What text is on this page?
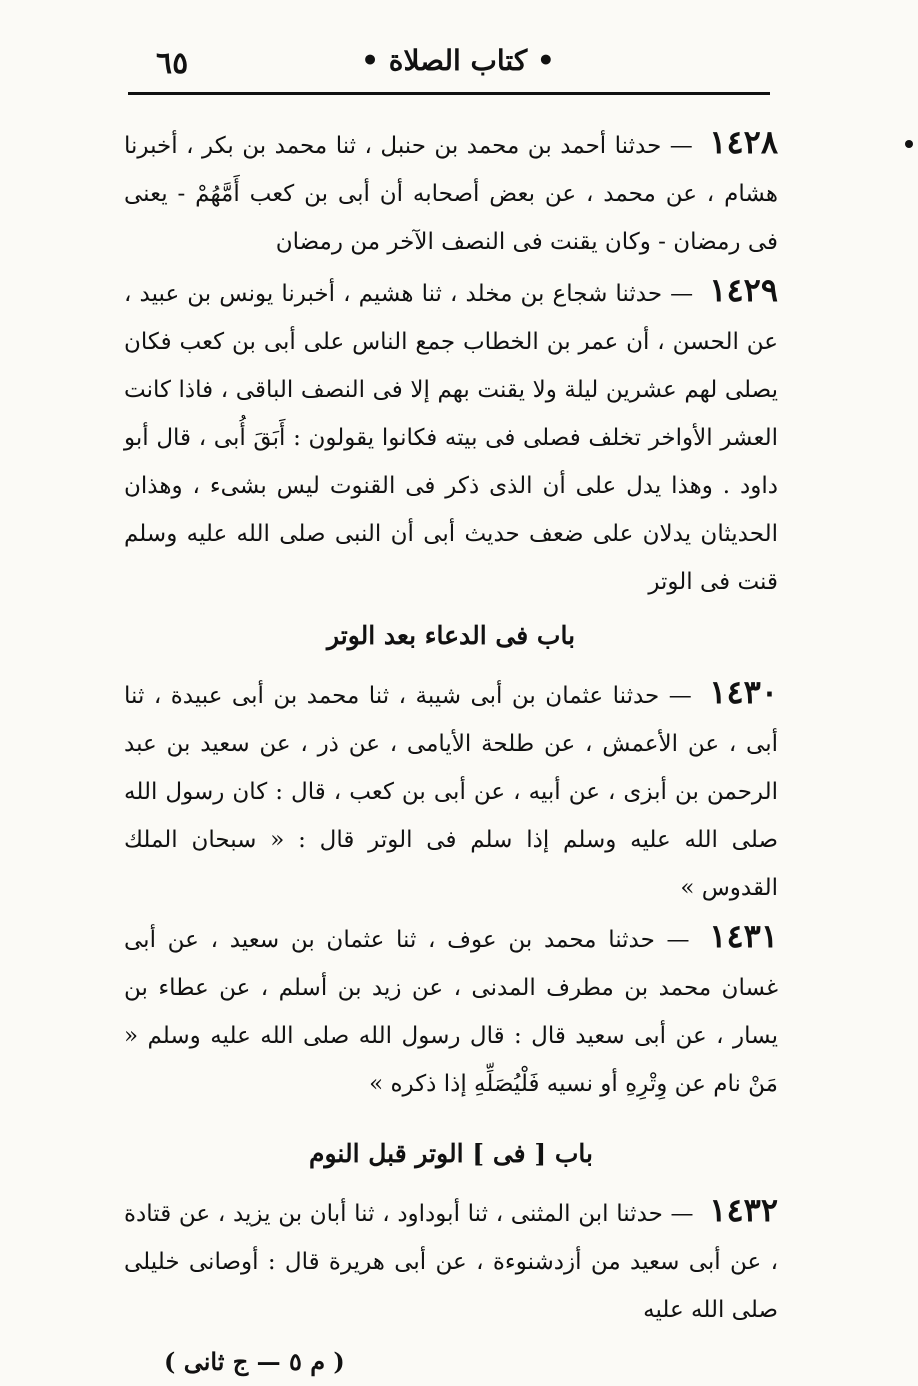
٦٥	• كتاب الصلاة •

١٤٢٨ — حدثنا أحمد بن محمد بن حنبل ، ثنا محمد بن بكر ، أخبرنا هشام ، عن محمد ، عن بعض أصحابه أن أبى بن كعب أَمَّهُمْ - يعنى فى رمضان - وكان يقنت فى النصف الآخر من رمضان

١٤٢٩ — حدثنا شجاع بن مخلد ، ثنا هشيم ، أخبرنا يونس بن عبيد ، عن الحسن ، أن عمر بن الخطاب جمع الناس على أبى بن كعب فكان يصلى لهم عشرين ليلة ولا يقنت بهم إلا فى النصف الباقى ، فاذا كانت العشر الأواخر تخلف فصلى فى بيته فكانوا يقولون : أَبَقَ أُبى ، قال أبو داود . وهذا يدل على أن الذى ذكر فى القنوت ليس بشىء ، وهذان الحديثان يدلان على ضعف حديث أبى أن النبى صلى الله عليه وسلم قنت فى الوتر

باب فى الدعاء بعد الوتر

١٤٣٠ — حدثنا عثمان بن أبى شيبة ، ثنا محمد بن أبى عبيدة ، ثنا أبى ، عن الأعمش ، عن طلحة الأيامى ، عن ذر ، عن سعيد بن عبد الرحمن بن أبزى ، عن أبيه ، عن أبى بن كعب ، قال : كان رسول الله صلى الله عليه وسلم إذا سلم فى الوتر قال : « سبحان الملك القدوس »

١٤٣١ — حدثنا محمد بن عوف ، ثنا عثمان بن سعيد ، عن أبى غسان محمد بن مطرف المدنى ، عن زيد بن أسلم ، عن عطاء بن يسار ، عن أبى سعيد قال : قال رسول الله صلى الله عليه وسلم « مَنْ نام عن وِتْرِهِ أو نسيه فَلْيُصَلِّهِ إذا ذكره »

باب [ فى ] الوتر قبل النوم

١٤٣٢ — حدثنا ابن المثنى ، ثنا أبوداود ، ثنا أبان بن يزيد ، عن قتادة ، عن أبى سعيد من أزدشنوءة ، عن أبى هريرة قال : أوصانى خليلى صلى الله عليه

( م ٥ — ج ثانى )
